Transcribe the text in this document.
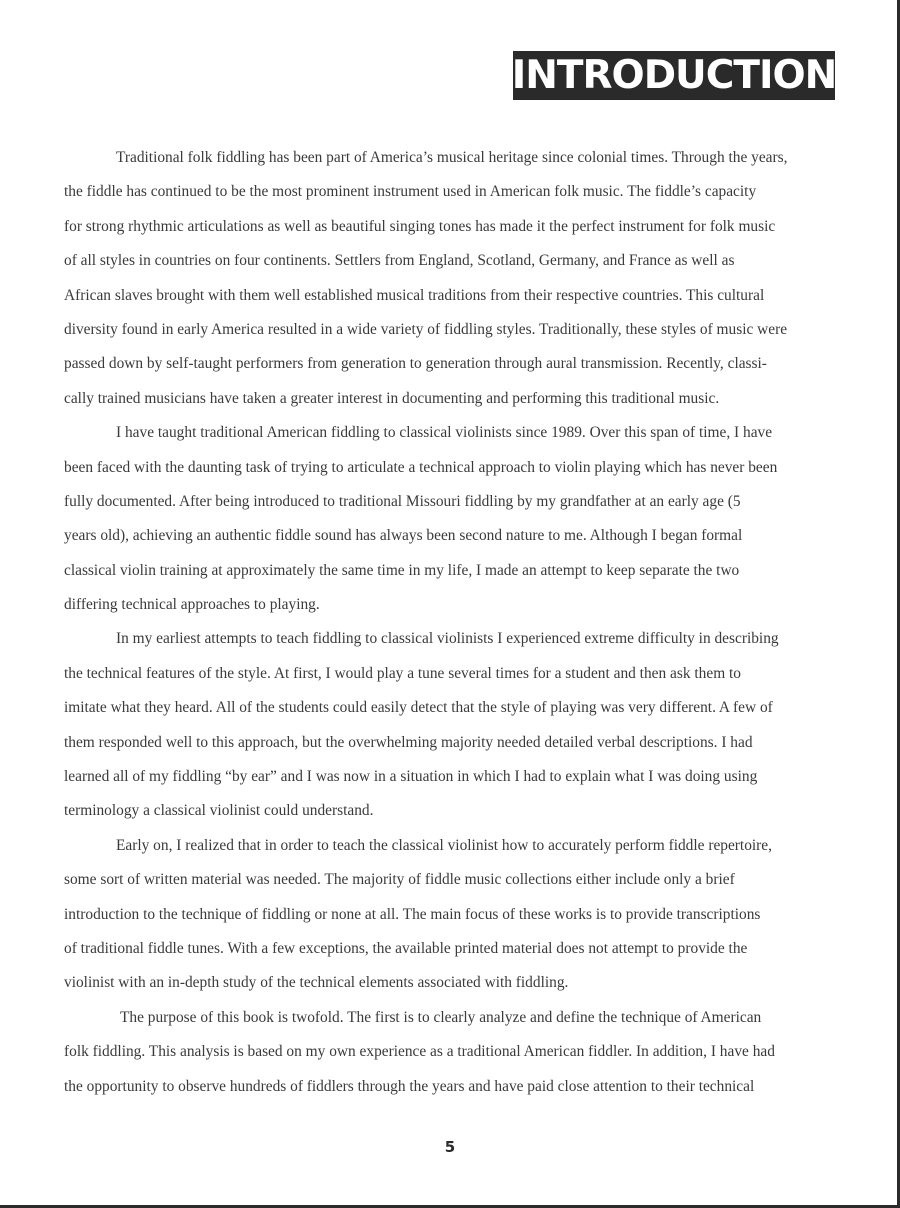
INTRODUCTION
Traditional folk fiddling has been part of America’s musical heritage since colonial times. Through the years,
the fiddle has continued to be the most prominent instrument used in American folk music. The fiddle’s capacity
for strong rhythmic articulations as well as beautiful singing tones has made it the perfect instrument for folk music
of all styles in countries on four continents. Settlers from England, Scotland, Germany, and France as well as
African slaves brought with them well established musical traditions from their respective countries. This cultural
diversity found in early America resulted in a wide variety of fiddling styles. Traditionally, these styles of music were
passed down by self-taught performers from generation to generation through aural transmission. Recently, classi-
cally trained musicians have taken a greater interest in documenting and performing this traditional music.
I have taught traditional American fiddling to classical violinists since 1989. Over this span of time, I have
been faced with the daunting task of trying to articulate a technical approach to violin playing which has never been
fully documented. After being introduced to traditional Missouri fiddling by my grandfather at an early age (5
years old), achieving an authentic fiddle sound has always been second nature to me. Although I began formal
classical violin training at approximately the same time in my life, I made an attempt to keep separate the two
differing technical approaches to playing.
In my earliest attempts to teach fiddling to classical violinists I experienced extreme difficulty in describing
the technical features of the style. At first, I would play a tune several times for a student and then ask them to
imitate what they heard. All of the students could easily detect that the style of playing was very different. A few of
them responded well to this approach, but the overwhelming majority needed detailed verbal descriptions. I had
learned all of my fiddling “by ear” and I was now in a situation in which I had to explain what I was doing using
terminology a classical violinist could understand.
Early on, I realized that in order to teach the classical violinist how to accurately perform fiddle repertoire,
some sort of written material was needed. The majority of fiddle music collections either include only a brief
introduction to the technique of fiddling or none at all. The main focus of these works is to provide transcriptions
of traditional fiddle tunes. With a few exceptions, the available printed material does not attempt to provide the
violinist with an in-depth study of the technical elements associated with fiddling.
The purpose of this book is twofold. The first is to clearly analyze and define the technique of American
folk fiddling. This analysis is based on my own experience as a traditional American fiddler. In addition, I have had
the opportunity to observe hundreds of fiddlers through the years and have paid close attention to their technical
5
